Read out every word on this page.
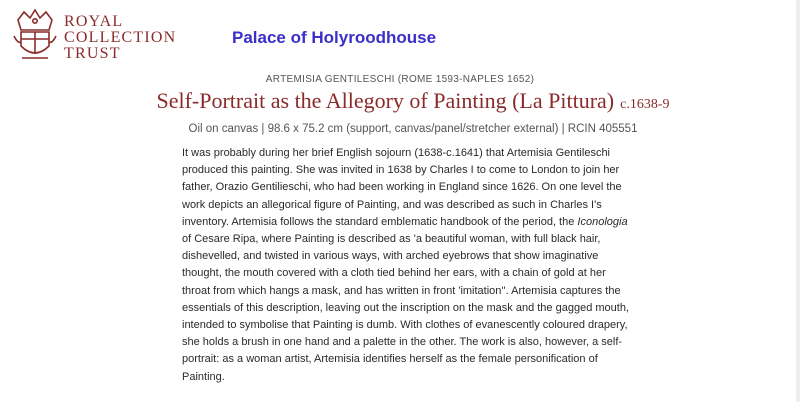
ROYAL
COLLECTION
TRUST
Palace of Holyroodhouse
ARTEMISIA GENTILESCHI (ROME 1593-NAPLES 1652)
Self-Portrait as the Allegory of Painting (La Pittura) c.1638-9
Oil on canvas | 98.6 x 75.2 cm (support, canvas/panel/stretcher external) | RCIN 405551

It was probably during her brief English sojourn (1638-c.1641) that Artemisia Gentileschi produced this painting. She was invited in 1638 by Charles I to come to London to join her father, Orazio Gentilieschi, who had been working in England since 1626. On one level the work depicts an allegorical figure of Painting, and was described as such in Charles I's inventory. Artemisia follows the standard emblematic handbook of the period, the Iconologia of Cesare Ripa, where Painting is described as 'a beautiful woman, with full black hair, dishevelled, and twisted in various ways, with arched eyebrows that show imaginative thought, the mouth covered with a cloth tied behind her ears, with a chain of gold at her throat from which hangs a mask, and has written in front 'imitation''. Artemisia captures the essentials of this description, leaving out the inscription on the mask and the gagged mouth, intended to symbolise that Painting is dumb. With clothes of evanescently coloured drapery, she holds a brush in one hand and a palette in the other. The work is also, however, a self-portrait: as a woman artist, Artemisia identifies herself as the female personification of Painting.
